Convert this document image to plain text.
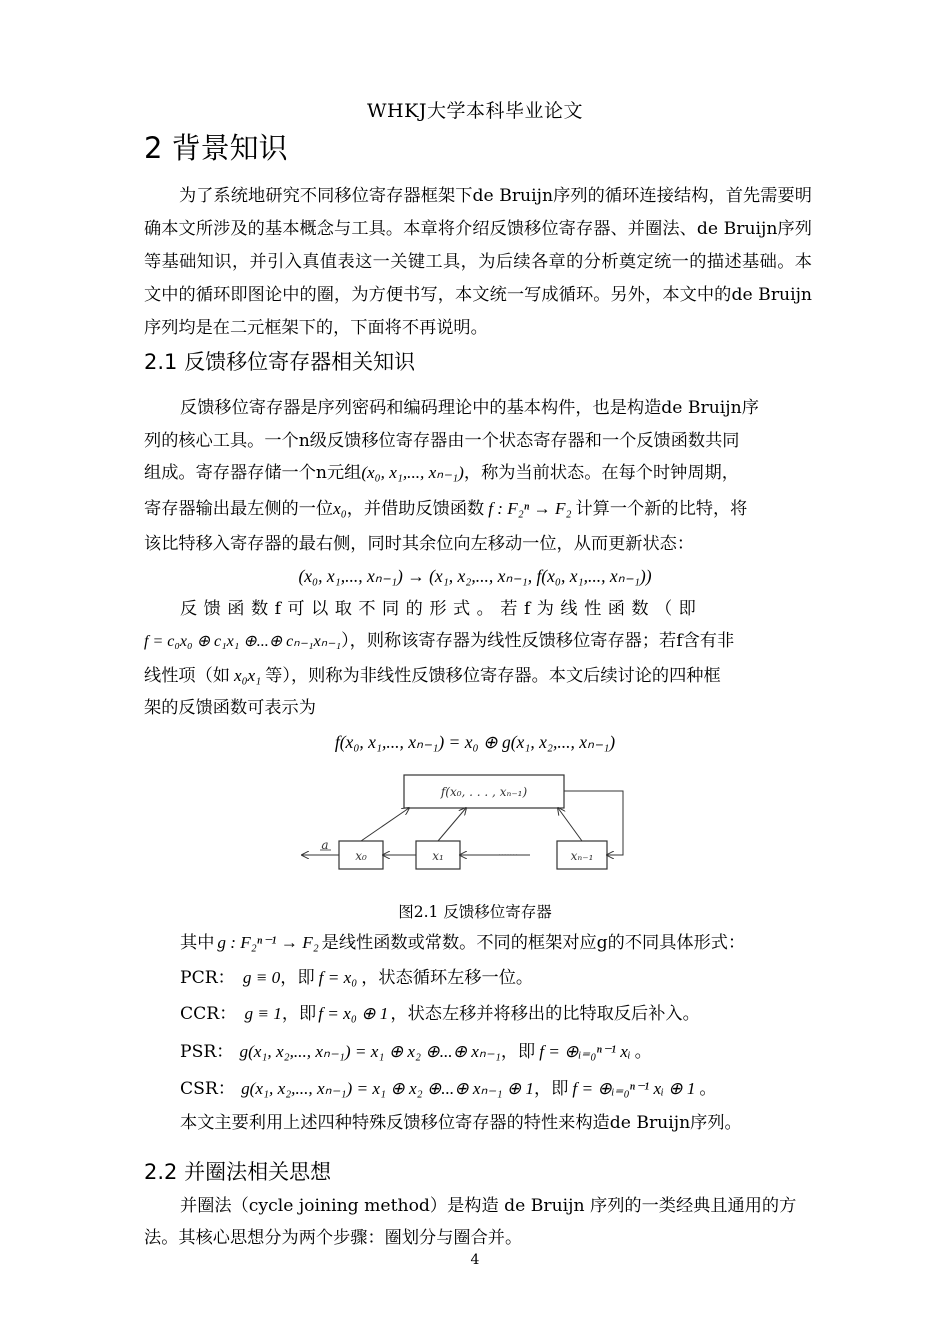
WHKJ大学本科毕业论文
2 背景知识
为了系统地研究不同移位寄存器框架下de Bruijn序列的循环连接结构，首先需要明确本文所涉及的基本概念与工具。本章将介绍反馈移位寄存器、并圈法、de Bruijn序列等基础知识，并引入真值表这一关键工具，为后续各章的分析奠定统一的描述基础。本文中的循环即图论中的圈，为方便书写，本文统一写成循环。另外，本文中的de Bruijn序列均是在二元框架下的，下面将不再说明。
2.1 反馈移位寄存器相关知识
反馈移位寄存器是序列密码和编码理论中的基本构件，也是构造de Bruijn序
列的核心工具。一个n级反馈移位寄存器由一个状态寄存器和一个反馈函数共同
组成。寄存器存储一个n元组(x₀, x₁,..., xₙ₋₁)，称为当前状态。在每个时钟周期，
寄存器输出最左侧的一位x₀，并借助反馈函数 f : F₂ⁿ → F₂ 计算一个新的比特，将
该比特移入寄存器的最右侧，同时其余位向左移动一位，从而更新状态：
(x₀, x₁,..., xₙ₋₁) → (x₁, x₂,..., xₙ₋₁, f(x₀, x₁,..., xₙ₋₁))
反 馈 函 数 f 可 以 取 不 同 的 形 式 。 若 f 为 线 性 函 数 （ 即
f = c₀x₀ ⊕ c₁x₁ ⊕...⊕ cₙ₋₁xₙ₋₁），则称该寄存器为线性反馈移位寄存器；若f含有非
线性项（如 x₀x₁ 等），则称为非线性反馈移位寄存器。本文后续讨论的四种框
架的反馈函数可表示为
f(x₀, x₁,..., xₙ₋₁) = x₀ ⊕ g(x₁, x₂,..., xₙ₋₁)
f(x₀, . . . , xₙ₋₁)
x₀	x₁	xₙ₋₁
·······
a
图2.1 反馈移位寄存器
其中 g : F₂ⁿ⁻¹ → F₂ 是线性函数或常数。不同的框架对应g的不同具体形式：
PCR： g ≡ 0，即 f = x₀ ，状态循环左移一位。
CCR： g ≡ 1，即 f = x₀ ⊕ 1 ，状态左移并将移出的比特取反后补入。
PSR： g(x₁, x₂,..., xₙ₋₁) = x₁ ⊕ x₂ ⊕...⊕ xₙ₋₁，即 f = ⊕ᵢ₌₀ⁿ⁻¹ xᵢ 。
CSR： g(x₁, x₂,..., xₙ₋₁) = x₁ ⊕ x₂ ⊕...⊕ xₙ₋₁ ⊕ 1，即 f = ⊕ᵢ₌₀ⁿ⁻¹ xᵢ ⊕ 1 。
本文主要利用上述四种特殊反馈移位寄存器的特性来构造de Bruijn序列。
2.2 并圈法相关思想
并圈法（cycle joining method）是构造 de Bruijn 序列的一类经典且通用的方
法。其核心思想分为两个步骤：圈划分与圈合并。
4
